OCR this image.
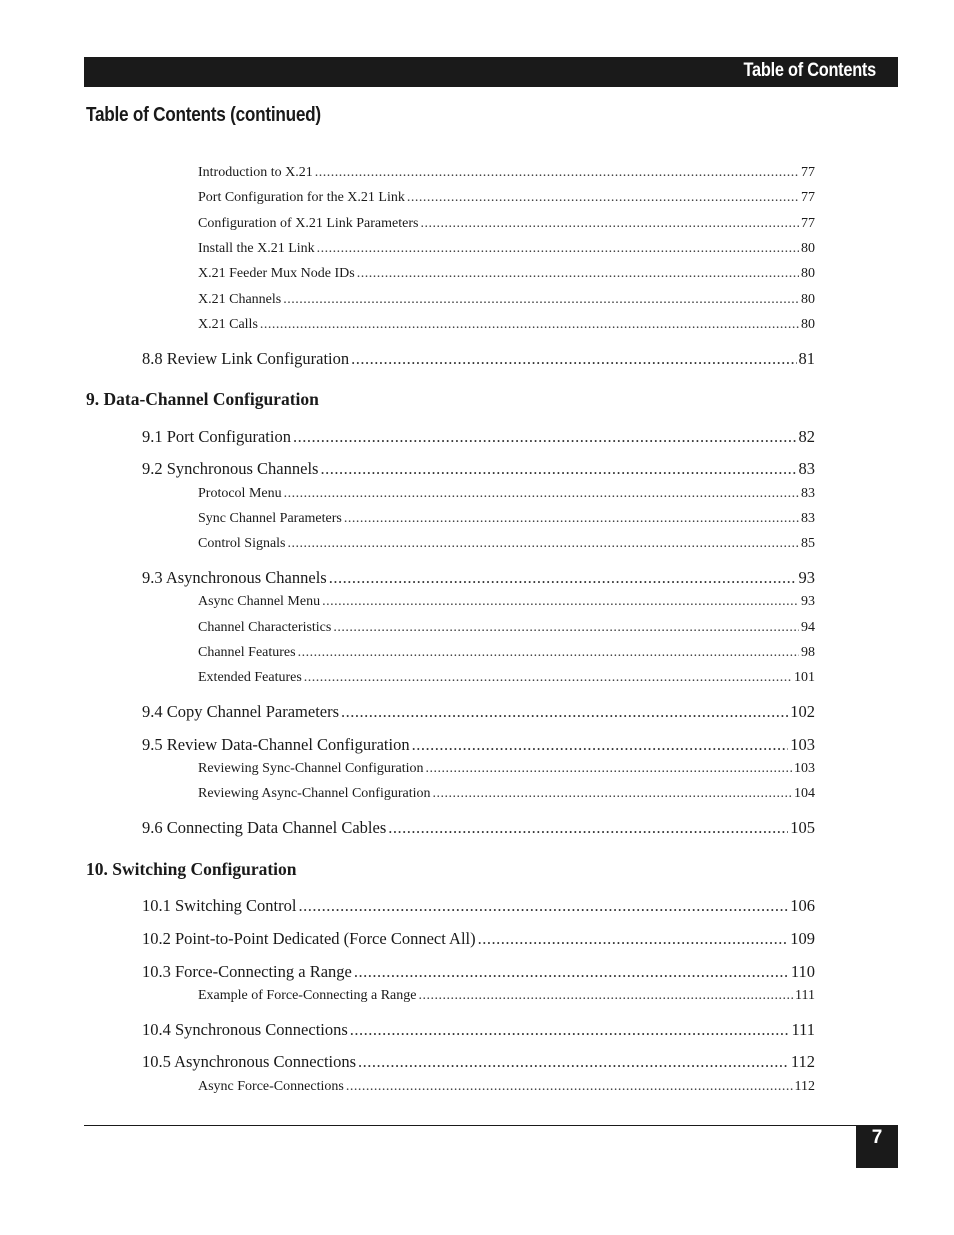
Table of Contents
Table of Contents (continued)
Introduction to X.21 .....	77
Port Configuration for the X.21 Link .....	77
Configuration of X.21 Link Parameters .....	77
Install the X.21 Link .....	80
X.21 Feeder Mux Node IDs .....	80
X.21 Channels .....	80
X.21 Calls .....	80
8.8 Review Link Configuration .....	81
9. Data-Channel Configuration
9.1 Port Configuration .....	82
9.2 Synchronous Channels .....	83
Protocol Menu .....	83
Sync Channel Parameters .....	83
Control Signals .....	85
9.3 Asynchronous Channels .....	93
Async Channel Menu .....	93
Channel Characteristics .....	94
Channel Features .....	98
Extended Features .....	101
9.4 Copy Channel Parameters .....	102
9.5 Review Data-Channel Configuration .....	103
Reviewing Sync-Channel Configuration .....	103
Reviewing Async-Channel Configuration .....	104
9.6 Connecting Data Channel Cables .....	105
10. Switching Configuration
10.1 Switching Control .....	106
10.2 Point-to-Point Dedicated (Force Connect All) .....	109
10.3 Force-Connecting a Range .....	110
Example of Force-Connecting a Range .....	111
10.4 Synchronous Connections .....	111
10.5 Asynchronous Connections .....	112
Async Force-Connections .....	112
7
